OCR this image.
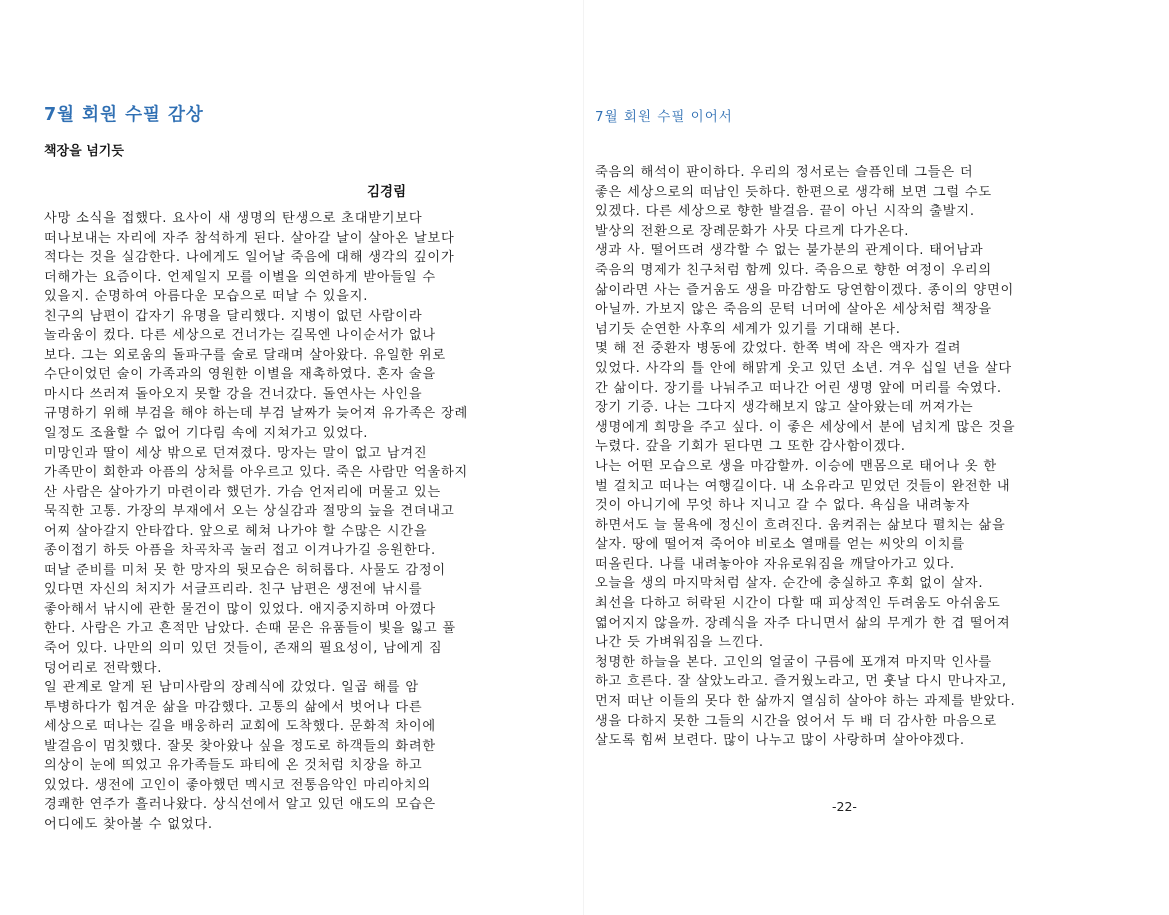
7월 회원 수필 감상
책장을 넘기듯
김경림
사망 소식을 접했다. 요사이 새 생명의 탄생으로 초대받기보다
떠나보내는 자리에 자주 참석하게 된다. 살아갈 날이 살아온 날보다
적다는 것을 실감한다. 나에게도 일어날 죽음에 대해 생각의 깊이가
더해가는 요즘이다. 언제일지 모를 이별을 의연하게 받아들일 수
있을지. 순명하여 아름다운 모습으로 떠날 수 있을지.
친구의 남편이 갑자기 유명을 달리했다. 지병이 없던 사람이라
놀라움이 컸다. 다른 세상으로 건너가는 길목엔 나이순서가 없나
보다. 그는 외로움의 돌파구를 술로 달래며 살아왔다. 유일한 위로
수단이었던 술이 가족과의 영원한 이별을 재촉하였다. 혼자 술을
마시다 쓰러져 돌아오지 못할 강을 건너갔다. 돌연사는 사인을
규명하기 위해 부검을 해야 하는데 부검 날짜가 늦어져 유가족은 장례
일정도 조율할 수 없어 기다림 속에 지쳐가고 있었다.
미망인과 딸이 세상 밖으로 던져졌다. 망자는 말이 없고 남겨진
가족만이 회한과 아픔의 상처를 아우르고 있다. 죽은 사람만 억울하지
산 사람은 살아가기 마련이라 했던가. 가슴 언저리에 머물고 있는
묵직한 고통. 가장의 부재에서 오는 상실감과 절망의 늪을 견뎌내고
어찌 살아갈지 안타깝다. 앞으로 헤쳐 나가야 할 수많은 시간을
종이접기 하듯 아픔을 차곡차곡 눌러 접고 이겨나가길 응원한다.
떠날 준비를 미처 못 한 망자의 뒷모습은 허허롭다. 사물도 감정이
있다면 자신의 처지가 서글프리라. 친구 남편은 생전에 낚시를
좋아해서 낚시에 관한 물건이 많이 있었다. 애지중지하며 아꼈다
한다. 사람은 가고 흔적만 남았다. 손때 묻은 유품들이 빛을 잃고 풀
죽어 있다. 나만의 의미 있던 것들이, 존재의 필요성이, 남에게 짐
덩어리로 전락했다.
일 관계로 알게 된 남미사람의 장례식에 갔었다. 일곱 해를 암
투병하다가 힘겨운 삶을 마감했다. 고통의 삶에서 벗어나 다른
세상으로 떠나는 길을 배웅하러 교회에 도착했다. 문화적 차이에
발걸음이 멈칫했다. 잘못 찾아왔나 싶을 정도로 하객들의 화려한
의상이 눈에 띄었고 유가족들도 파티에 온 것처럼 치장을 하고
있었다. 생전에 고인이 좋아했던 멕시코 전통음악인 마리아치의
경쾌한 연주가 흘러나왔다. 상식선에서 알고 있던 애도의 모습은
어디에도 찾아볼 수 없었다.
7월 회원 수필 이어서
죽음의 해석이 판이하다. 우리의 정서로는 슬픔인데 그들은 더
좋은 세상으로의 떠남인 듯하다. 한편으로 생각해 보면 그럴 수도
있겠다. 다른 세상으로 향한 발걸음. 끝이 아닌 시작의 출발지.
발상의 전환으로 장례문화가 사뭇 다르게 다가온다.
생과 사. 떨어뜨려 생각할 수 없는 불가분의 관계이다. 태어남과
죽음의 명제가 친구처럼 함께 있다. 죽음으로 향한 여정이 우리의
삶이라면 사는 즐거움도 생을 마감함도 당연함이겠다. 종이의 양면이
아닐까. 가보지 않은 죽음의 문턱 너머에 살아온 세상처럼 책장을
넘기듯 순연한 사후의 세계가 있기를 기대해 본다.
몇 해 전 중환자 병동에 갔었다. 한쪽 벽에 작은 액자가 걸려
있었다. 사각의 틀 안에 해맑게 웃고 있던 소년. 겨우 십일 년을 살다
간 삶이다. 장기를 나눠주고 떠나간 어린 생명 앞에 머리를 숙였다.
장기 기증. 나는 그다지 생각해보지 않고 살아왔는데 꺼져가는
생명에게 희망을 주고 싶다. 이 좋은 세상에서 분에 넘치게 많은 것을
누렸다. 갚을 기회가 된다면 그 또한 감사함이겠다.
나는 어떤 모습으로 생을 마감할까. 이승에 맨몸으로 태어나 옷 한
벌 걸치고 떠나는 여행길이다. 내 소유라고 믿었던 것들이 완전한 내
것이 아니기에 무엇 하나 지니고 갈 수 없다. 욕심을 내려놓자
하면서도 늘 물욕에 정신이 흐려진다. 움켜쥐는 삶보다 펼치는 삶을
살자. 땅에 떨어져 죽어야 비로소 열매를 얻는 씨앗의 이치를
떠올린다. 나를 내려놓아야 자유로워짐을 깨달아가고 있다.
오늘을 생의 마지막처럼 살자. 순간에 충실하고 후회 없이 살자.
최선을 다하고 허락된 시간이 다할 때 피상적인 두려움도 아쉬움도
엷어지지 않을까. 장례식을 자주 다니면서 삶의 무게가 한 겹 떨어져
나간 듯 가벼워짐을 느낀다.
청명한 하늘을 본다. 고인의 얼굴이 구름에 포개져 마지막 인사를
하고 흐른다. 잘 살았노라고. 즐거웠노라고, 먼 훗날 다시 만나자고,
먼저 떠난 이들의 못다 한 삶까지 열심히 살아야 하는 과제를 받았다.
생을 다하지 못한 그들의 시간을 얹어서 두 배 더 감사한 마음으로
살도록 힘써 보련다. 많이 나누고 많이 사랑하며 살아야겠다.
-22-
